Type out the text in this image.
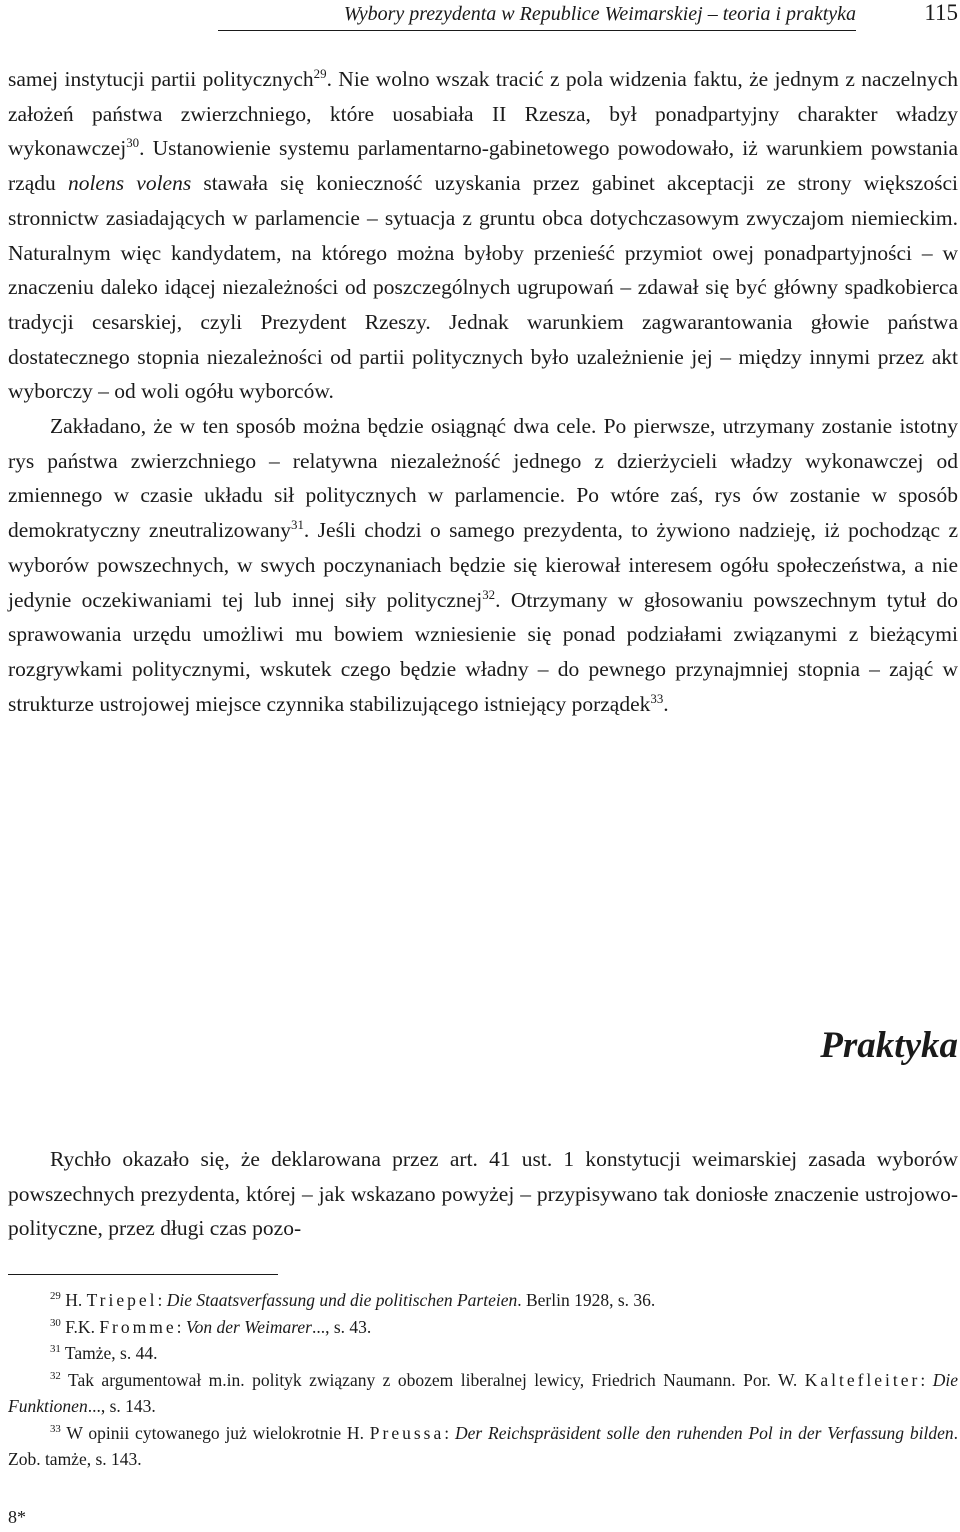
Wybory prezydenta w Republice Weimarskiej – teoria i praktyka	115

samej instytucji partii politycznych$^{29}$. Nie wolno wszak tracić z pola widzenia faktu, że jednym z naczelnych założeń państwa zwierzchniego, które uosabiała II Rzesza, był ponadpartyjny charakter władzy wykonawczej$^{30}$. Ustanowienie systemu parlamentarno-gabinetowego powodowało, iż warunkiem powstania rządu nolens volens stawała się konieczność uzyskania przez gabinet akceptacji ze strony większości stronnictw zasiadających w parlamencie – sytuacja z gruntu obca dotychczasowym zwyczajom niemieckim. Naturalnym więc kandydatem, na którego można byłoby przenieść przymiot owej ponadpartyjności – w znaczeniu daleko idącej niezależności od poszczególnych ugrupowań – zdawał się być główny spadkobierca tradycji cesarskiej, czyli Prezydent Rzeszy. Jednak warunkiem zagwarantowania głowie państwa dostatecznego stopnia niezależności od partii politycznych było uzależnienie jej – między innymi przez akt wyborczy – od woli ogółu wyborców.

Zakładano, że w ten sposób można będzie osiągnąć dwa cele. Po pierwsze, utrzymany zostanie istotny rys państwa zwierzchniego – relatywna niezależność jednego z dzierżycieli władzy wykonawczej od zmiennego w czasie układu sił politycznych w parlamencie. Po wtóre zaś, rys ów zostanie w sposób demokratyczny zneutralizowany$^{31}$. Jeśli chodzi o samego prezydenta, to żywiono nadzieję, iż pochodząc z wyborów powszechnych, w swych poczynaniach będzie się kierował interesem ogółu społeczeństwa, a nie jedynie oczekiwaniami tej lub innej siły politycznej$^{32}$. Otrzymany w głosowaniu powszechnym tytuł do sprawowania urzędu umożliwi mu bowiem wzniesienie się ponad podziałami związanymi z bieżącymi rozgrywkami politycznymi, wskutek czego będzie władny – do pewnego przynajmniej stopnia – zająć w strukturze ustrojowej miejsce czynnika stabilizującego istniejący porządek$^{33}$.

Praktyka

Rychło okazało się, że deklarowana przez art. 41 ust. 1 konstytucji weimarskiej zasada wyborów powszechnych prezydenta, której – jak wskazano powyżej – przypisywano tak doniosłe znaczenie ustrojowo-polityczne, przez długi czas pozo-

$^{29}$ H. Triepel: Die Staatsverfassung und die politischen Parteien. Berlin 1928, s. 36.

$^{30}$ F.K. Fromme: Von der Weimarer..., s. 43.

$^{31}$ Tamże, s. 44.

$^{32}$ Tak argumentował m.in. polityk związany z obozem liberalnej lewicy, Friedrich Naumann. Por. W. Kaltefleiter: Die Funktionen..., s. 143.

$^{33}$ W opinii cytowanego już wielokrotnie H. Preussa: Der Reichspräsident solle den ruhenden Pol in der Verfassung bilden. Zob. tamże, s. 143.

8*
